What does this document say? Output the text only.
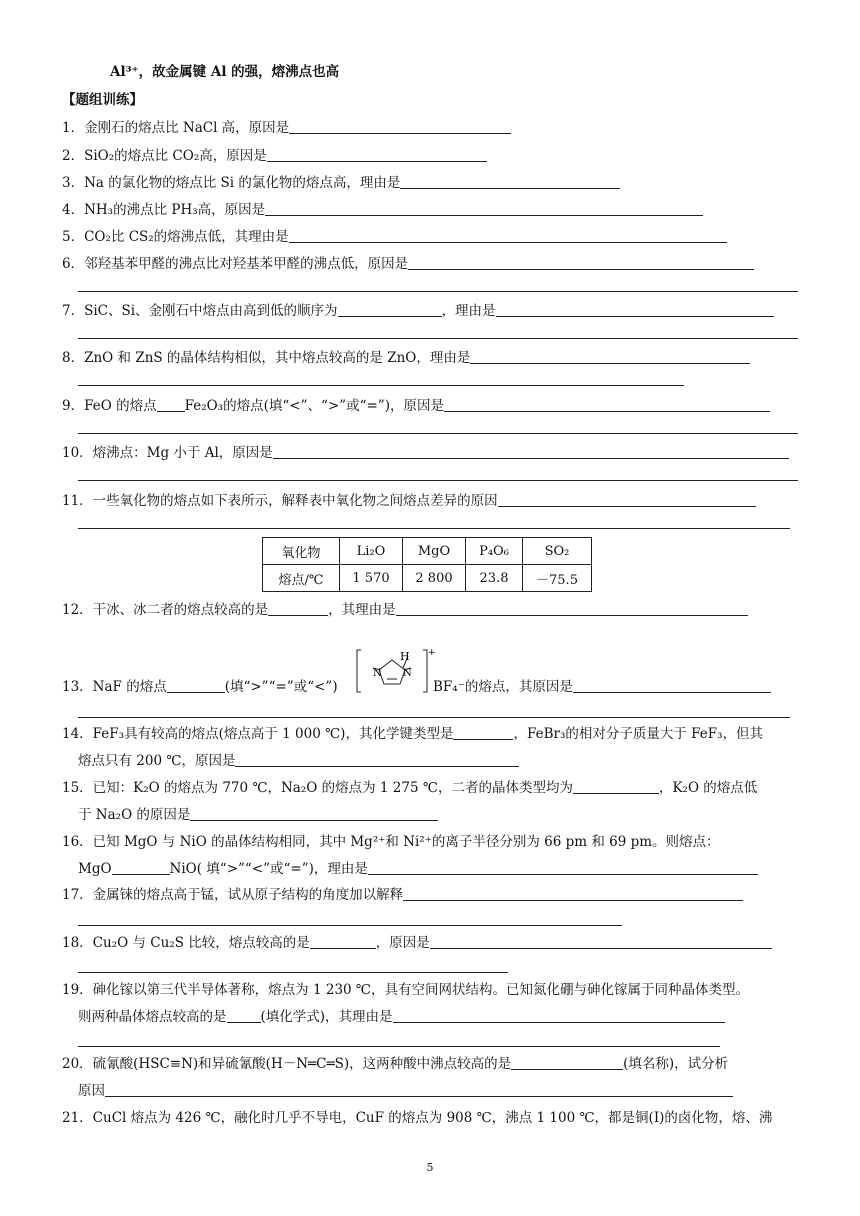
Al³⁺，故金属键 Al 的强，熔沸点也高
【题组训练】
1．金刚石的熔点比 NaCl 高，原因是
2．SiO₂的熔点比 CO₂高，原因是
3．Na 的氯化物的熔点比 Si 的氯化物的熔点高，理由是
4．NH₃的沸点比 PH₃高，原因是
5．CO₂比 CS₂的熔沸点低，其理由是
6．邻羟基苯甲醛的沸点比对羟基苯甲醛的沸点低，原因是
7．SiC、Si、金刚石中熔点由高到低的顺序为	，理由是
8．ZnO 和 ZnS 的晶体结构相似，其中熔点较高的是 ZnO，理由是
9．FeO 的熔点 Fe₂O₃的熔点(填“<”、“>”或“=”)，原因是
10．熔沸点：Mg 小于 Al，原因是
11．一些氧化物的熔点如下表所示，解释表中氧化物之间熔点差异的原因
氧化物	Li₂O	MgO	P₄O₆	SO₂
熔点/℃	1 570	2 800	23.8	－75.5
12．干冰、冰二者的熔点较高的是	，其理由是
13．NaF 的熔点	(填“>”“=”或“<”)
H
N N
+
BF₄⁻的熔点，其原因是
14．FeF₃具有较高的熔点(熔点高于 1 000 ℃)，其化学键类型是	，FeBr₃的相对分子质量大于 FeF₃，但其
熔点只有 200 ℃，原因是
15．已知：K₂O 的熔点为 770 ℃，Na₂O 的熔点为 1 275 ℃，二者的晶体类型均为	，K₂O 的熔点低
于 Na₂O 的原因是
16．已知 MgO 与 NiO 的晶体结构相同，其中 Mg²⁺和 Ni²⁺的离子半径分别为 66 pm 和 69 pm。则熔点：
MgO	NiO( 填“>”“<”或“=”)，理由是
17．金属铼的熔点高于锰，试从原子结构的角度加以解释
18．Cu₂O 与 Cu₂S 比较，熔点较高的是	，原因是
19．砷化镓以第三代半导体著称，熔点为 1 230 ℃，具有空间网状结构。已知氮化硼与砷化镓属于同种晶体类型。
则两种晶体熔点较高的是	(填化学式)，其理由是
20．硫氰酸(HSC≡N)和异硫氰酸(H－N═C═S)，这两种酸中沸点较高的是	(填名称)，试分析
原因
21．CuCl 熔点为 426 ℃，融化时几乎不导电，CuF 的熔点为 908 ℃，沸点 1 100 ℃，都是铜(I)的卤化物，熔、沸
5
